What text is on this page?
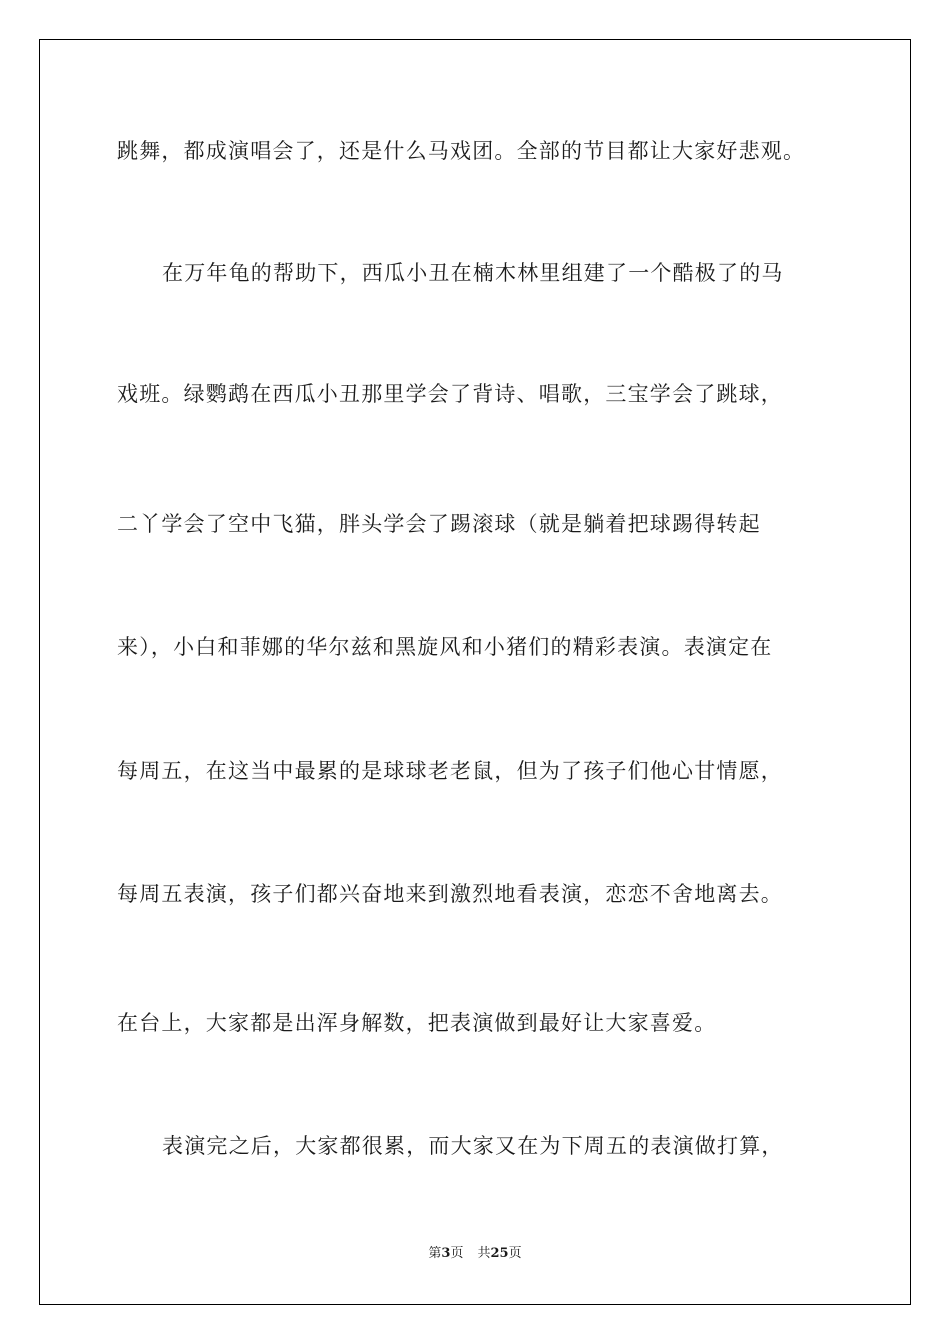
跳舞，都成演唱会了，还是什么马戏团。全部的节目都让大家好悲观。
在万年龟的帮助下，西瓜小丑在楠木林里组建了一个酷极了的马
戏班。绿鹦鹉在西瓜小丑那里学会了背诗、唱歌，三宝学会了跳球，
二丫学会了空中飞猫，胖头学会了踢滚球（就是躺着把球踢得转起
来），小白和菲娜的华尔兹和黑旋风和小猪们的精彩表演。表演定在
每周五，在这当中最累的是球球老老鼠，但为了孩子们他心甘情愿，
每周五表演，孩子们都兴奋地来到激烈地看表演，恋恋不舍地离去。
在台上，大家都是出浑身解数，把表演做到最好让大家喜爱。
表演完之后，大家都很累，而大家又在为下周五的表演做打算，
第3页 共25页
